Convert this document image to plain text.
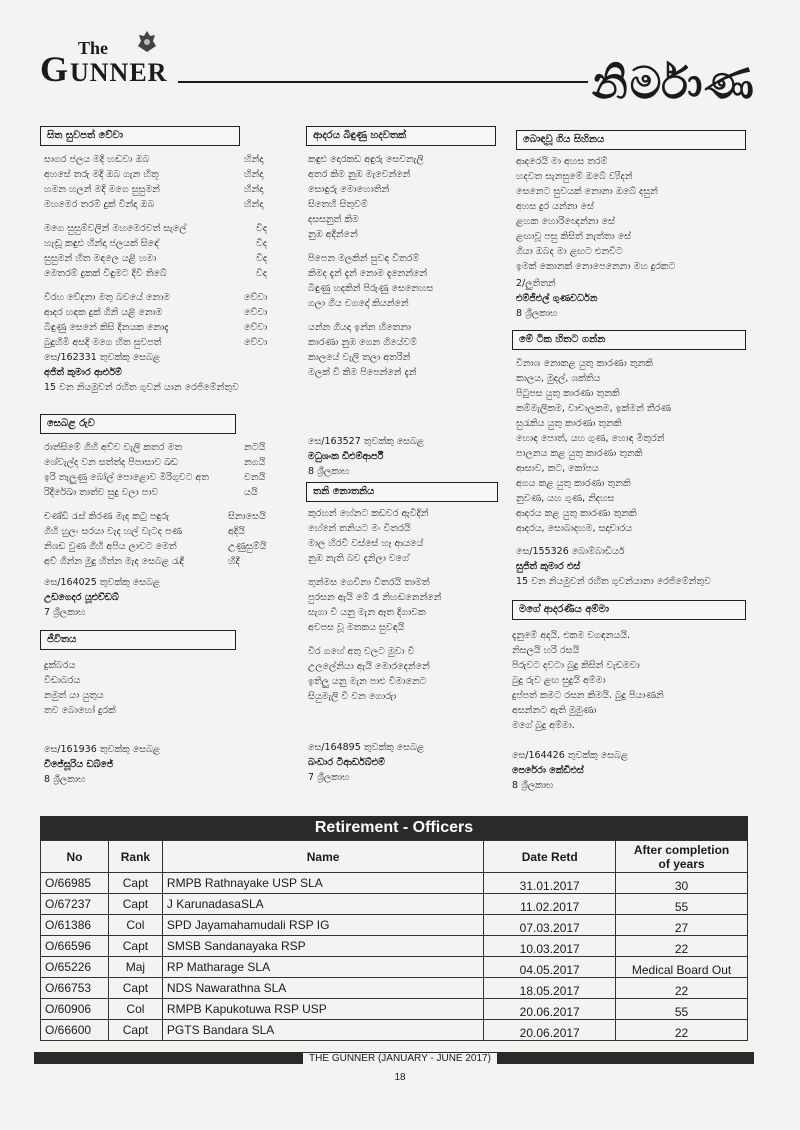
The
G UNNER	නිර්මාණ
සිත සුවපත් වේවා
සාගර ජලය මදි හඬවා ඔබ	හින්දා
අහසේ තරු මදි ඔබ ගැන හිතූ	හින්දා
හමන හලන් මදි මගෙ සුසුමන්	හින්දා
මහමෙර තරම් දුක් වින්දා ඔබ	හින්දා
මගෙ සුසුම්වලින් මහමෙරවත් සැලේ	විද
හැඬූ කඳුළු හින්දා ජලයක් සිඳේ	විද
සුසුමන් හිත මඳලෙ යළි හමා	විද
මෙතරම් දුකක් විඳුමට දිවි තිබේ	විද
විරහ වේදනා මතු බවයේ නොම	වේවා
ආදර හඳක දුක් ගිනි යළි නොම	වේවා
බිඳුණු සෙනේ කිසි දිනයක නොදැ	වේවා
බුදුහිමි අසදි මගෙ හිත සුවපත්	වේවා
සෙ/162331 තුවක්කු සෙබළ
අජිත් කුමාර ආර්එම්
15 වන නියමුවන් රහිත ගුවන් යාන රෙජිමේන්තුව
සෙබළ රුව
රාත්සිමේ ගිහි අව්ව වැලි කතර මත	නටයි
ශේවැල්ද වන සත්ත්ද පිපාසාව ඛඩ	නගයි
ඉරි තැලුණු බෝල් පොළොව මිරිගුවට අත	වනයි
රිදීරේඛා තාත්ව සුදු වලා පාව	යයි
චණ්ඩි රැස් කිරණ මැද කටු පඳුරු	සිනාසෙයි
ගිහි හුලං සරයා වැද හල් වැටද පණ	අදියි
නිශඩ වුණ ගිහි අපිය ලාවට මෙත්	උණුසුම්යි
අව් ගින්න මුදු හිත්න මැද සෙබළ රැඳී	හිදී
සෙ/164025 තුවක්කු සෙබළ
උඩගෙදර යූඑච්ඩබ්
7 ශ්‍රීලකාභ
ජීවිතය
දුක්බරය
විඩාබරය
නමුත් යා යුතුය
තව බොහෝ දුරක්
සෙ/161936 තුවක්කු සෙබළ
විජේසූරිය ඩබ්ජේ
8 ශ්‍රීලකාභ
ආදරය බිඳුණු හදවතක්
කඳුළු දොරකඩ අඳුරු සෙවනැලි
අතර කිම නුඹ මැවෙන්නේ
සොඳුරු මොහොතින්
සිතෙහි සිතුවම්
දසසනුත් කිම
නුඹ අදින්නේ
පිපෙන මලකින් සුවඳ විතරම්
කිමද දැන් දැන් නොම දැනෙන්නේ
බිඳුණු හදකින් පිරුණු සෙනෙහස
ගලා ගිය වගදෝ කියන්නේ
යන්න ගියදා ඉන්න හිතෙනා
කාරණා නුඹ ගෙන ගියේවම්
කාලයේ වැලි තලා අතරින්
මලක් වී කිම පිපෙන්නේ දැන්
සෙ/163527 තුවක්කු සෙබළ
මධුශංක ඩීඑම්ආර්පී
8 ශ්‍රීලකාභ
තනි නොතනිය
කුරහන් හේනට කඩවර ඇවිදින්
හේනේ තනියට මං විතරයි
මාල හිරවී වස්සේ හෑ ආයයේ
නුඹ නැති බව දැනිලා වගේ
තුන්මස ගෙවිනා විතරයි තාමත්
පුරසන ඇයි මේ රෑ නිහඬනෙන්නේ
සැගා වී යනු මැන ඈත දිගාවක
අවපස වූ මතකය සුවඳයි
වීර ගහේ අතු වලට මුවා වී
උලලේනියා ඇයි මොරදෙන්නේ
ඉතිලු යනු මැන පාළු විමානෙට
සියුමැලි වී වන ගොරුා
සෙ/164895 තුවක්කු සෙබළ
බංඩාර ටීආර්ඩබ්එම්
7 ශ්‍රීලකාභ
බොඳවූ ගිය සිහිනය
ආදරෙයි මා අහස තරම්
හදවත සැනසුමේ ඔබේ ව්‍යීදන්
සෙනෙට සුවයක් නොනා ඔබේ දසුන්
අහස දුර යන්නා සේ
ළහක හොරිඥෙන්නා සේ
ළඟාවූ පසු කිසිත් නැත්තා සේ
ගියා ඔබද මා ළඟට එනවිට
ඉමක් කොනක් නොපෙනෙනා මහ දුරකට
2/ලුතිතන්
එම්ජීඑල් ගුණවර්ධන
8 ශ්‍රීලකාභ
මේ ටික හිතට ගන්න
විනාශ නොකළ යුතු කාරණා තුනකි
කාලය, මුදල්, ශක්තිය
පිටුපස යුතු කාරණා තුනකි
කම්මැලිකම, වාචාලකම, ඉක්මන් තීරණ
සුරැකිය යුතු කාරණා තුනකි
හොඳ පොත්, යහ ගුණ, හොඳ මිතුරන්
පාලනය කළ යුතු කාරණා තුනකි
ආසාව, කට, කෝපය
අගය කළ යුතු කාරණා තුනකි
නුවණ, යහ ගුණ, නිදහස
ආදරය කළ යුතු කාරණා තුනකි
ආදරය, සොබාදහම, සදාචාරය
සෙ/155326 බොම්බාඩියර්
සුජිත් කුමාර එස්
15 වන නියමුවන් රහිත ගුවන්යානා රෙජිමේන්තුව
මගේ ආදරණීය අම්මා
දැනුමේ අදයි. එකම වගඳනයයි.
නිසලයි හරි රසයි
පිරුවට දවටා බුදු කිසින් වැඩමවා
බුදු රුව ළඟ සුදුයි අම්මා
දුප්පත් කමට රසන කිමයි. බුදු පියාණනි
අසන්නට ඇති මුමුණා
මගේ බුදු අම්මා.
සෙ/164426 තුවක්කු සෙබළ
පෙරේරා කේඩීඑස්
8 ශ්‍රීලකාභ
Retirement - Officers
No	Rank	Name	Date Retd	After completion
of years
O/66985	Capt	RMPB Rathnayake USP SLA	31.01.2017	30
O/67237	Capt	J KarunadasaSLA	11.02.2017	55
O/61386	Col	SPD Jayamahamudali RSP IG	07.03.2017	27
O/66596	Capt	SMSB Sandanayaka RSP	10.03.2017	22
O/65226	Maj	RP Matharage SLA	04.05.2017	Medical Board Out
O/66753	Capt	NDS Nawarathna SLA	18.05.2017	22
O/60906	Col	RMPB Kapukotuwa RSP USP	20.06.2017	55
O/66600	Capt	PGTS Bandara SLA	20.06.2017	22
THE GUNNER (JANUARY - JUNE 2017)
18
